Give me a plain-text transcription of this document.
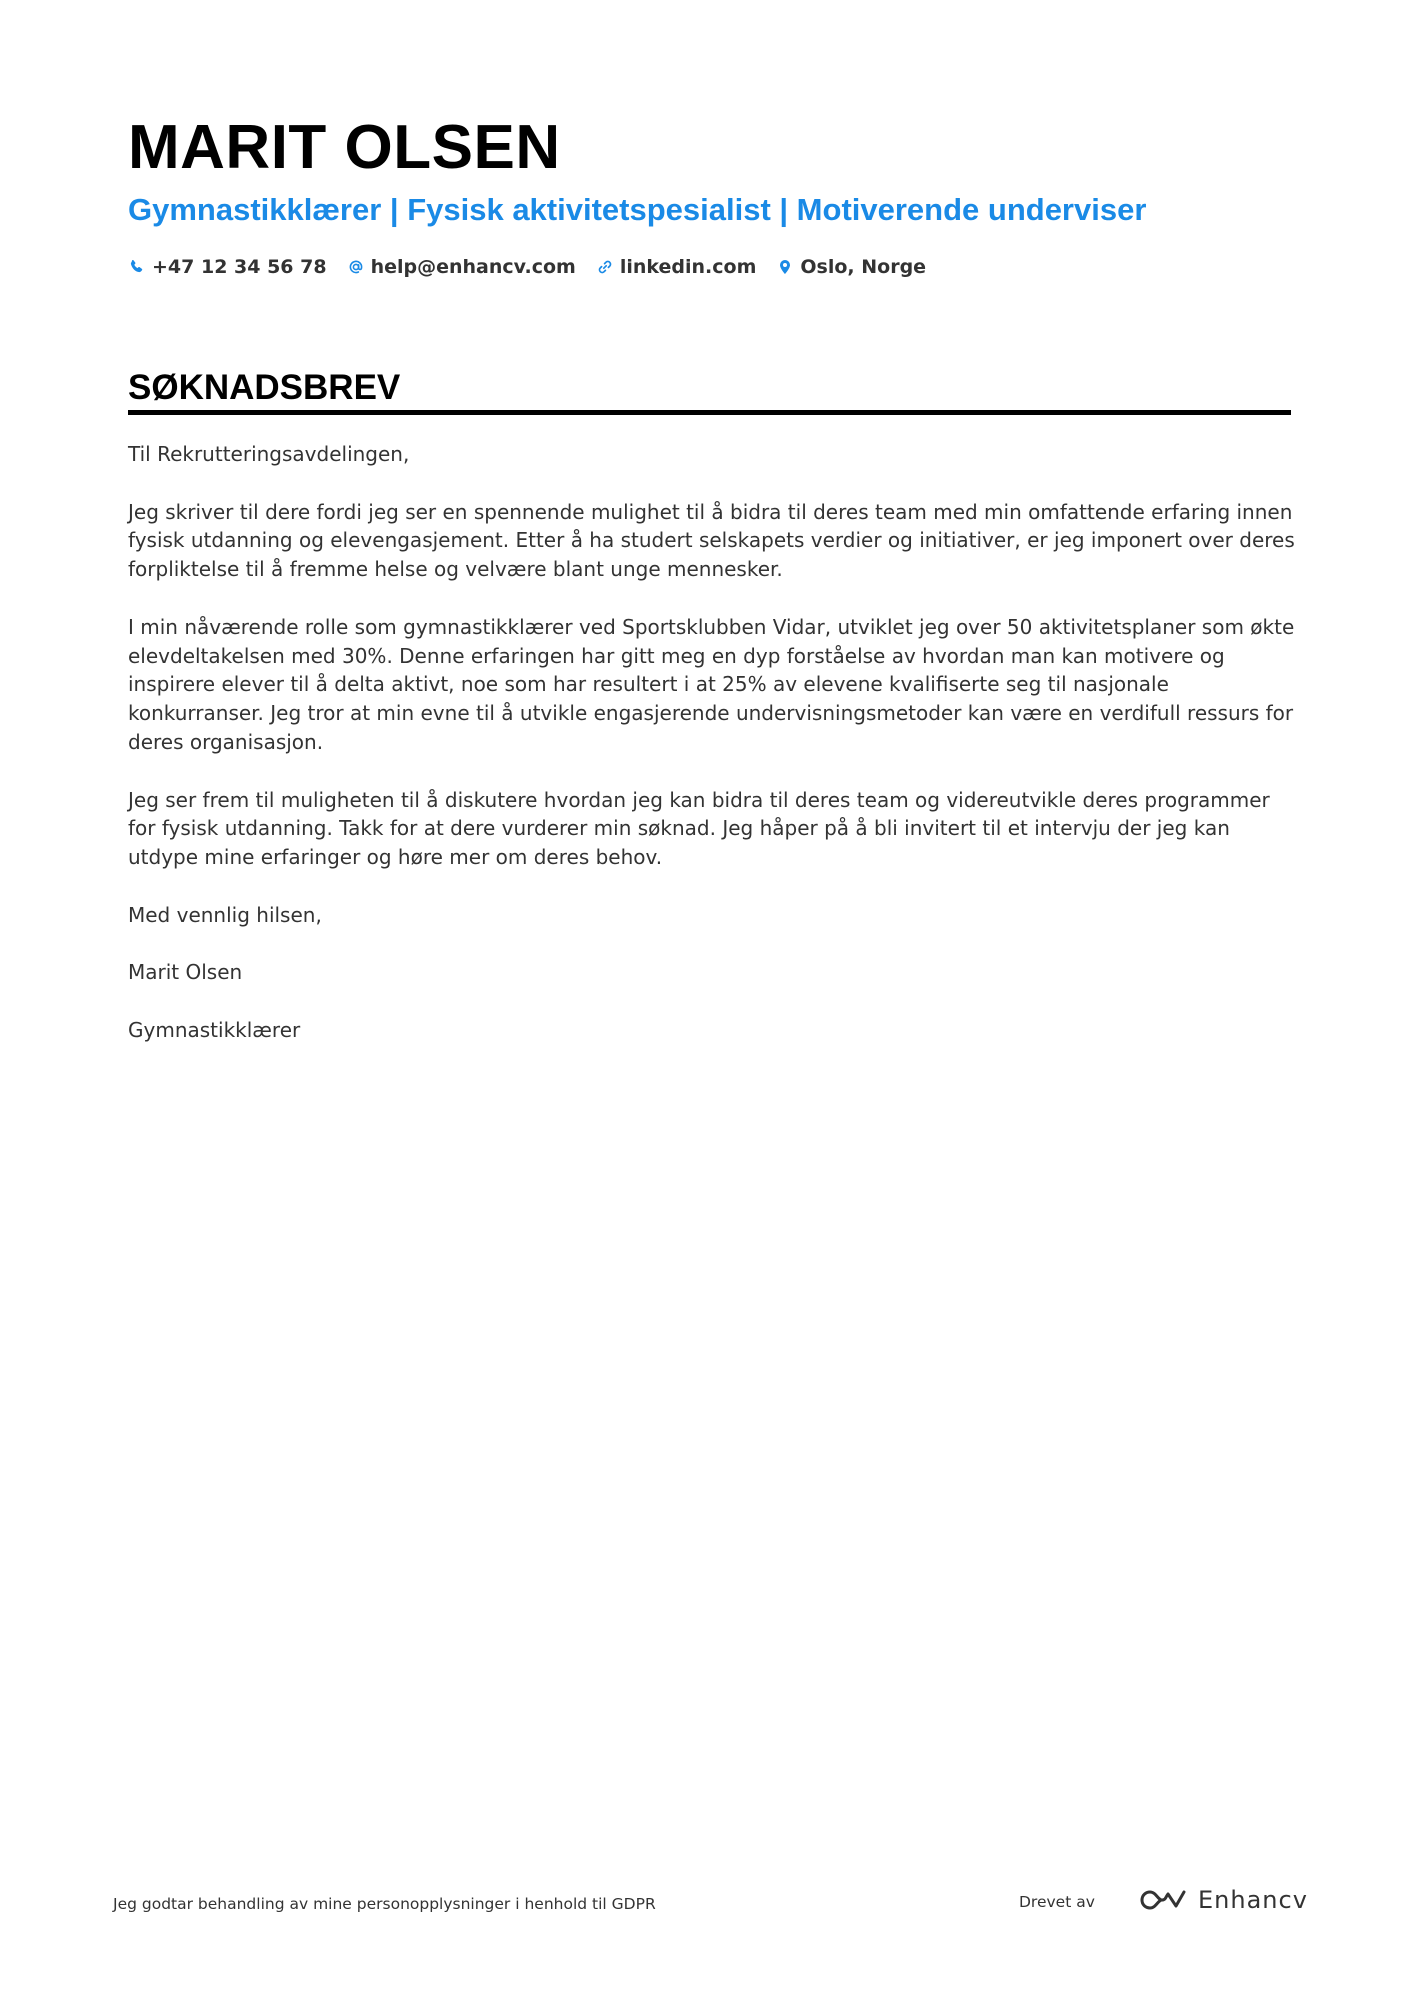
MARIT OLSEN
Gymnastikklærer | Fysisk aktivitetspesialist | Motiverende underviser
+47 12 34 56 78 help@enhancv.com linkedin.com Oslo, Norge
SØKNADSBREV

Til Rekrutteringsavdelingen,

Jeg skriver til dere fordi jeg ser en spennende mulighet til å bidra til deres team med min omfattende erfaring innen fysisk utdanning og elevengasjement. Etter å ha studert selskapets verdier og initiativer, er jeg imponert over deres forpliktelse til å fremme helse og velvære blant unge mennesker.

I min nåværende rolle som gymnastikklærer ved Sportsklubben Vidar, utviklet jeg over 50 aktivitetsplaner som økte elevdeltakelsen med 30%. Denne erfaringen har gitt meg en dyp forståelse av hvordan man kan motivere og inspirere elever til å delta aktivt, noe som har resultert i at 25% av elevene kvalifiserte seg til nasjonale konkurranser. Jeg tror at min evne til å utvikle engasjerende undervisningsmetoder kan være en verdifull ressurs for deres organisasjon.

Jeg ser frem til muligheten til å diskutere hvordan jeg kan bidra til deres team og videreutvikle deres programmer for fysisk utdanning. Takk for at dere vurderer min søknad. Jeg håper på å bli invitert til et intervju der jeg kan utdype mine erfaringer og høre mer om deres behov.

Med vennlig hilsen,

Marit Olsen

Gymnastikklærer

Jeg godtar behandling av mine personopplysninger i henhold til GDPR	Drevet av	Enhancv
